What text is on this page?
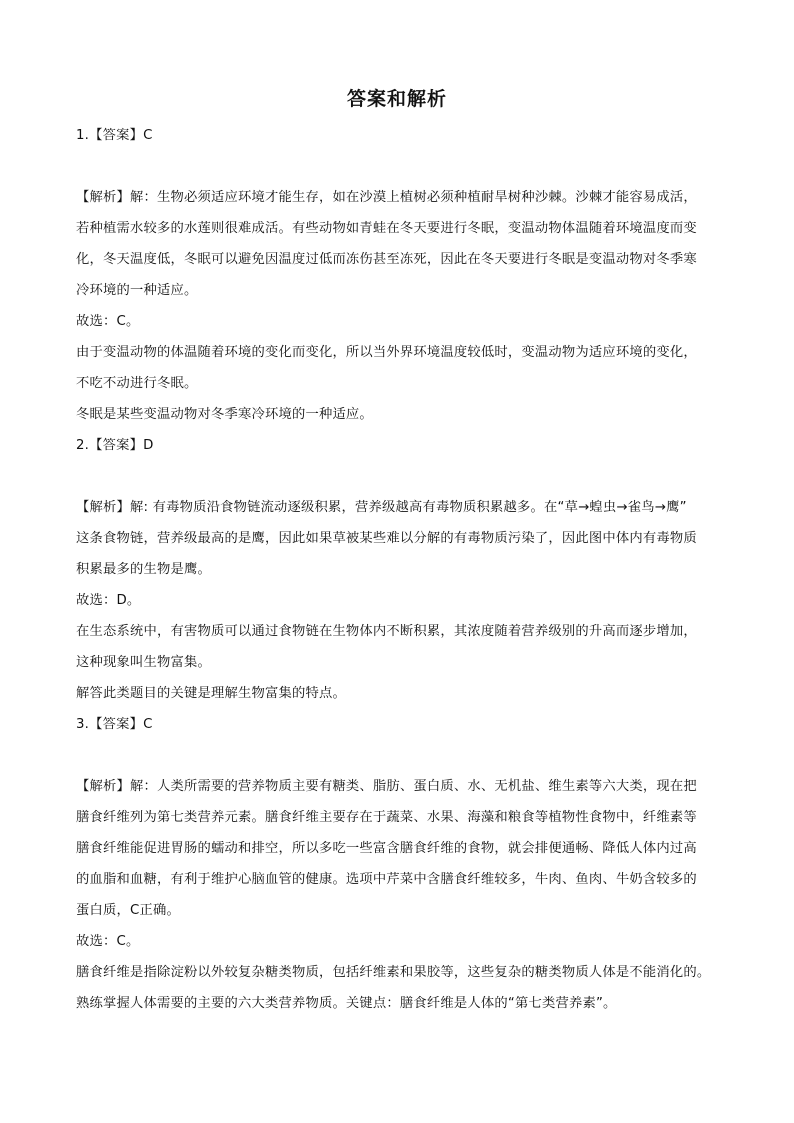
答案和解析
1.【答案】C
【解析】解：生物必须适应环境才能生存，如在沙漠上植树必须种植耐旱树种沙棘。沙棘才能容易成活，
若种植需水较多的水莲则很难成活。有些动物如青蛙在冬天要进行冬眠，变温动物体温随着环境温度而变
化，冬天温度低，冬眠可以避免因温度过低而冻伤甚至冻死，因此在冬天要进行冬眠是变温动物对冬季寒
冷环境的一种适应。
故选：C。
由于变温动物的体温随着环境的变化而变化，所以当外界环境温度较低时，变温动物为适应环境的变化，
不吃不动进行冬眠。
冬眠是某些变温动物对冬季寒冷环境的一种适应。
2.【答案】D
【解析】解: 有毒物质沿食物链流动逐级积累，营养级越高有毒物质积累越多。在“草→蝗虫→雀鸟→鹰”
这条食物链，营养级最高的是鹰，因此如果草被某些难以分解的有毒物质污染了，因此图中体内有毒物质
积累最多的生物是鹰。
故选：D。
在生态系统中，有害物质可以通过食物链在生物体内不断积累，其浓度随着营养级别的升高而逐步增加，
这种现象叫生物富集。
解答此类题目的关键是理解生物富集的特点。
3.【答案】C
【解析】解：人类所需要的营养物质主要有糖类、脂肪、蛋白质、水、无机盐、维生素等六大类，现在把
膳食纤维列为第七类营养元素。膳食纤维主要存在于蔬菜、水果、海藻和粮食等植物性食物中，纤维素等
膳食纤维能促进胃肠的蠕动和排空，所以多吃一些富含膳食纤维的食物，就会排便通畅、降低人体内过高
的血脂和血糖，有利于维护心脑血管的健康。选项中芹菜中含膳食纤维较多，牛肉、鱼肉、牛奶含较多的
蛋白质，C正确。
故选：C。
膳食纤维是指除淀粉以外较复杂糖类物质，包括纤维素和果胶等，这些复杂的糖类物质人体是不能消化的。
熟练掌握人体需要的主要的六大类营养物质。关键点：膳食纤维是人体的“第七类营养素”。
